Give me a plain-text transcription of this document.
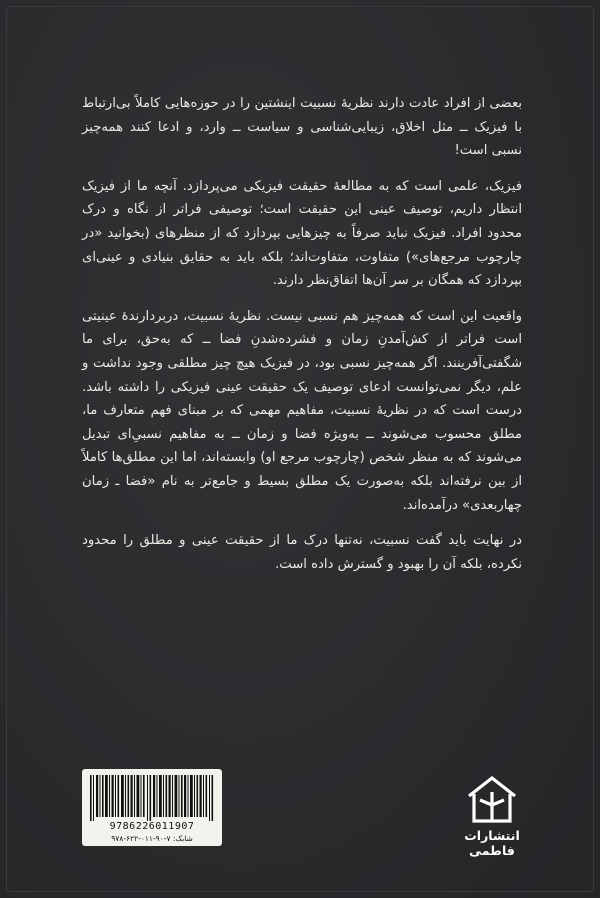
بعضی از افراد عادت دارند نظریهٔ نسبیت اینشتین را در حوزه‌هایی کاملاً بی‌ارتباط با فیزیک ــ مثل اخلاق، زیبایی‌شناسی و سیاست ــ وارد، و ادعا کنند همه‌چیز نسبی است!

فیزیک، علمی است که به مطالعهٔ حقیقت فیزیکی می‌پردازد. آنچه ما از فیزیک انتظار داریم، توصیف عینی این حقیقت است؛ توصیفی فراتر از نگاه و درک محدود افراد. فیزیک نباید صرفاً به چیزهایی بپردازد که از منظرهای (بخوانید «در چارچوب مرجع‌های») متفاوت، متفاوت‌اند؛ بلکه باید به حقایق بنیادی و عینی‌ای بپردازد که همگان بر سر آن‌ها اتفاق‌نظر دارند.

واقعیت این است که همه‌چیز هم نسبی نیست. نظریهٔ نسبیت، دربردارندهٔ عینیتی است فراتر از کش‌آمدنِ زمان و فشرده‌شدنِ فضا ــ که به‌حق، برای ما شگفتی‌آفرینند. اگر همه‌چیز نسبی بود، در فیزیک هیچ چیز مطلقی وجود نداشت و علم، دیگر نمی‌توانست ادعای توصیف یک حقیقت عینی فیزیکی را داشته باشد. درست است که در نظریهٔ نسبیت، مفاهیم مهمی که بر مبنای فهم متعارف ما، مطلق محسوب می‌شوند ــ به‌ویژه فضا و زمان ــ به مفاهیم نسبیِ‌ای تبدیل می‌شوند که به منظر شخص (چارچوب مرجع او) وابسته‌اند، اما این مطلق‌ها کاملاً از بین نرفته‌اند بلکه به‌صورت یک مطلق بسیط و جامع‌تر به نام «فضا ـ زمان چهاربعدی» درآمده‌اند.

در نهایت باید گفت نسبیت، نه‌تنها درک ما از حقیقت عینی و مطلق را محدود نکرده، بلکه آن را بهبود و گسترش داده است.

9786226011907
شابک: ۷-۹۰-۰۱۱-۶۲۲-۹۷۸	انتشارات فاطمی
